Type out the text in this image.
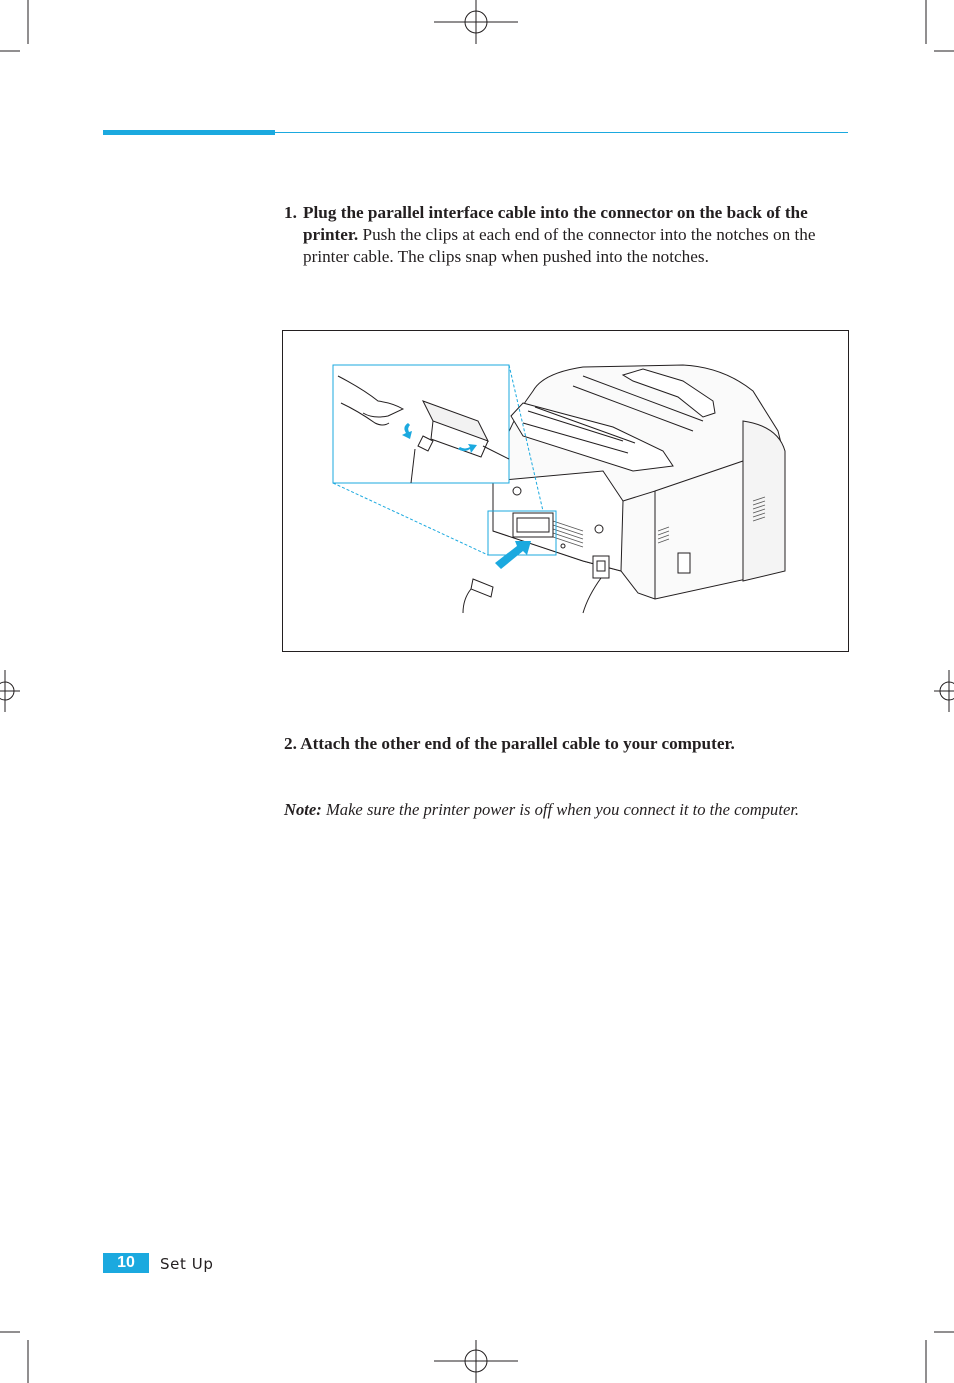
1. Plug the parallel interface cable into the connector on the back of the printer. Push the clips at each end of the connector into the notches on the printer cable. The clips snap when pushed into the notches.
2. Attach the other end of the parallel cable to your computer.
Note: Make sure the printer power is off when you connect it to the computer.
10	Set Up
